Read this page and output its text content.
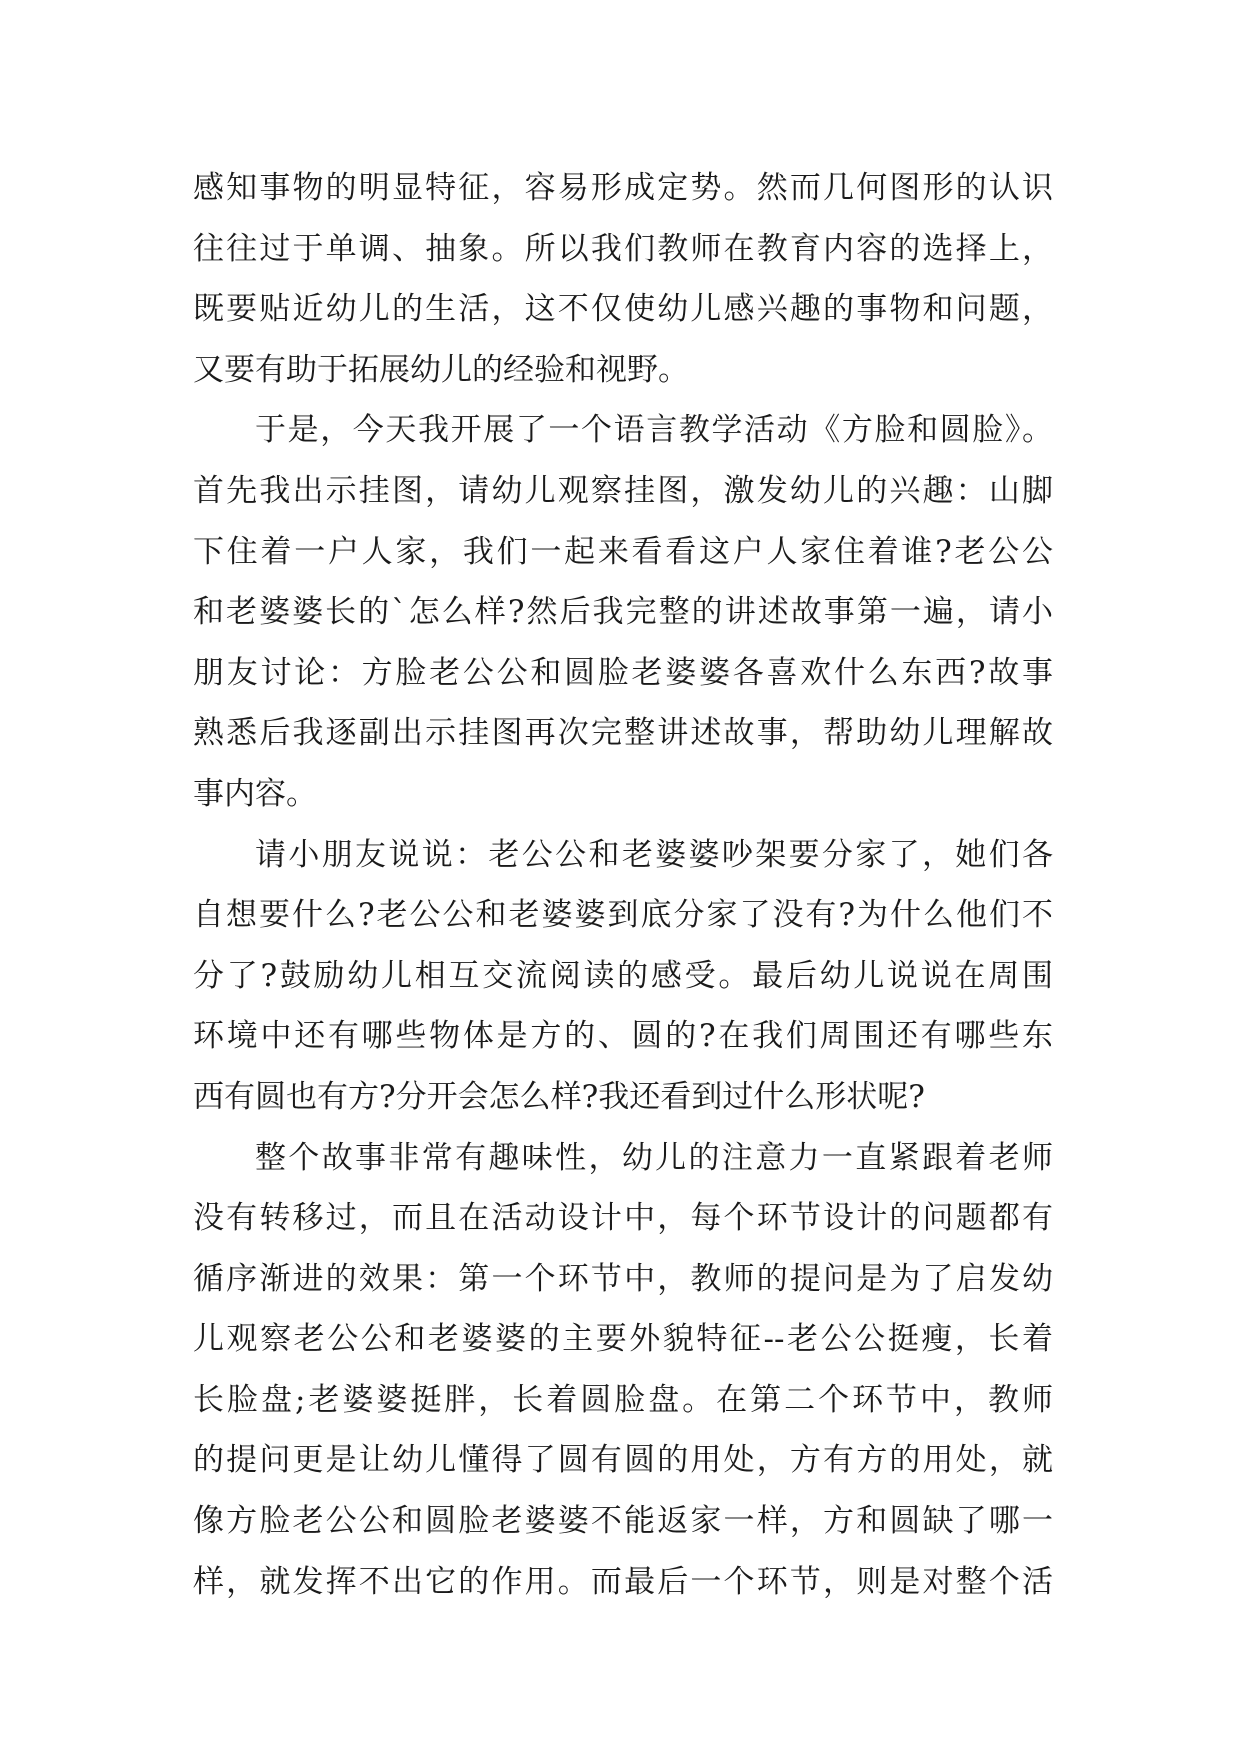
感知事物的明显特征，容易形成定势。然而几何图形的认识
往往过于单调、抽象。所以我们教师在教育内容的选择上，
既要贴近幼儿的生活，这不仅使幼儿感兴趣的事物和问题，
又要有助于拓展幼儿的经验和视野。
于是，今天我开展了一个语言教学活动《方脸和圆脸》。
首先我出示挂图，请幼儿观察挂图，激发幼儿的兴趣：山脚
下住着一户人家，我们一起来看看这户人家住着谁?老公公
和老婆婆长的`怎么样?然后我完整的讲述故事第一遍，请小
朋友讨论：方脸老公公和圆脸老婆婆各喜欢什么东西?故事
熟悉后我逐副出示挂图再次完整讲述故事，帮助幼儿理解故
事内容。
请小朋友说说：老公公和老婆婆吵架要分家了，她们各
自想要什么?老公公和老婆婆到底分家了没有?为什么他们不
分了?鼓励幼儿相互交流阅读的感受。最后幼儿说说在周围
环境中还有哪些物体是方的、圆的?在我们周围还有哪些东
西有圆也有方?分开会怎么样?我还看到过什么形状呢?
整个故事非常有趣味性，幼儿的注意力一直紧跟着老师
没有转移过，而且在活动设计中，每个环节设计的问题都有
循序渐进的效果：第一个环节中，教师的提问是为了启发幼
儿观察老公公和老婆婆的主要外貌特征--老公公挺瘦，长着
长脸盘;老婆婆挺胖，长着圆脸盘。在第二个环节中，教师
的提问更是让幼儿懂得了圆有圆的用处，方有方的用处，就
像方脸老公公和圆脸老婆婆不能返家一样，方和圆缺了哪一
样，就发挥不出它的作用。而最后一个环节，则是对整个活
